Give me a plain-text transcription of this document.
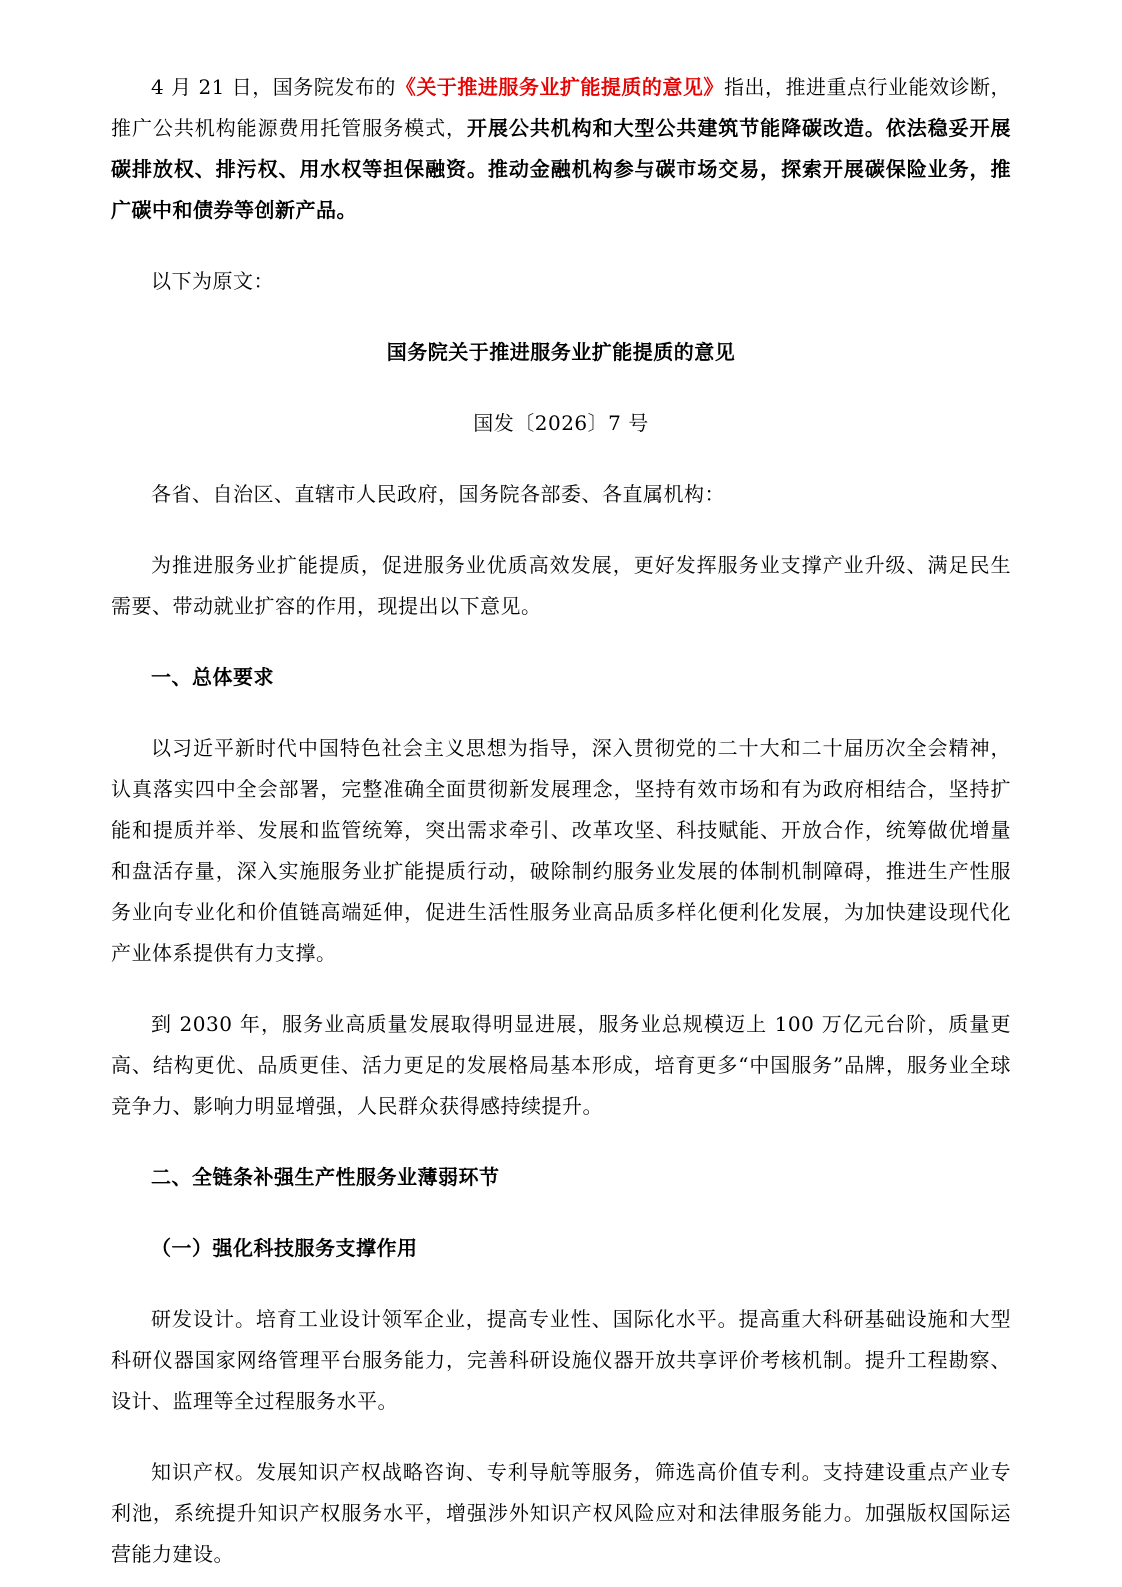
4 月 21 日，国务院发布的《关于推进服务业扩能提质的意见》指出，推进重点行业能效诊断，推广公共机构能源费用托管服务模式，开展公共机构和大型公共建筑节能降碳改造。依法稳妥开展碳排放权、排污权、用水权等担保融资。推动金融机构参与碳市场交易，探索开展碳保险业务，推广碳中和债券等创新产品。

以下为原文：

国务院关于推进服务业扩能提质的意见

国发〔2026〕7 号

各省、自治区、直辖市人民政府，国务院各部委、各直属机构：

为推进服务业扩能提质，促进服务业优质高效发展，更好发挥服务业支撑产业升级、满足民生需要、带动就业扩容的作用，现提出以下意见。

一、总体要求

以习近平新时代中国特色社会主义思想为指导，深入贯彻党的二十大和二十届历次全会精神，认真落实四中全会部署，完整准确全面贯彻新发展理念，坚持有效市场和有为政府相结合，坚持扩能和提质并举、发展和监管统筹，突出需求牵引、改革攻坚、科技赋能、开放合作，统筹做优增量和盘活存量，深入实施服务业扩能提质行动，破除制约服务业发展的体制机制障碍，推进生产性服务业向专业化和价值链高端延伸，促进生活性服务业高品质多样化便利化发展，为加快建设现代化产业体系提供有力支撑。

到 2030 年，服务业高质量发展取得明显进展，服务业总规模迈上 100 万亿元台阶，质量更高、结构更优、品质更佳、活力更足的发展格局基本形成，培育更多“中国服务”品牌，服务业全球竞争力、影响力明显增强，人民群众获得感持续提升。

二、全链条补强生产性服务业薄弱环节

（一）强化科技服务支撑作用

研发设计。培育工业设计领军企业，提高专业性、国际化水平。提高重大科研基础设施和大型科研仪器国家网络管理平台服务能力，完善科研设施仪器开放共享评价考核机制。提升工程勘察、设计、监理等全过程服务水平。

知识产权。发展知识产权战略咨询、专利导航等服务，筛选高价值专利。支持建设重点产业专利池，系统提升知识产权服务水平，增强涉外知识产权风险应对和法律服务能力。加强版权国际运营能力建设。
